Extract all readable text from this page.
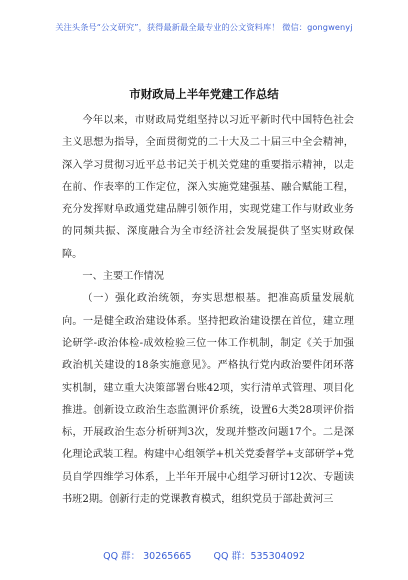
关注头条号“公文研究”，获得最新最全最专业的公文资料库！ 微信：gongwenyj
市财政局上半年党建工作总结

今年以来，市财政局党组坚持以习近平新时代中国特色社会主义思想为指导，全面贯彻党的二十大及二十届三中全会精神，深入学习贯彻习近平总书记关于机关党建的重要指示精神，以走在前、作表率的工作定位，深入实施党建强基、融合赋能工程，充分发挥财阜政通党建品牌引领作用，实现党建工作与财政业务的同频共振、深度融合为全市经济社会发展提供了坚实财政保障。

一、主要工作情况

（一）强化政治统领，夯实思想根基。把准高质量发展航向。一是健全政治建设体系。坚持把政治建设摆在首位，建立理论研学-政治体检-成效检验三位一体工作机制，制定《关于加强政治机关建设的18条实施意见》。严格执行党内政治要件闭环落实机制，建立重大决策部署台账42项，实行清单式管理、项目化推进。创新设立政治生态监测评价系统，设置6大类28项评价指标，开展政治生态分析研判3次，发现并整改问题17个。二是深化理论武装工程。构建中心组领学+机关党委督学+支部研学+党员自学四维学习体系，上半年开展中心组学习研讨12次、专题读书班2期。创新行走的党课教育模式，组织党员于部赴黄河三

QQ 群： 30265665 QQ 群：535304092
